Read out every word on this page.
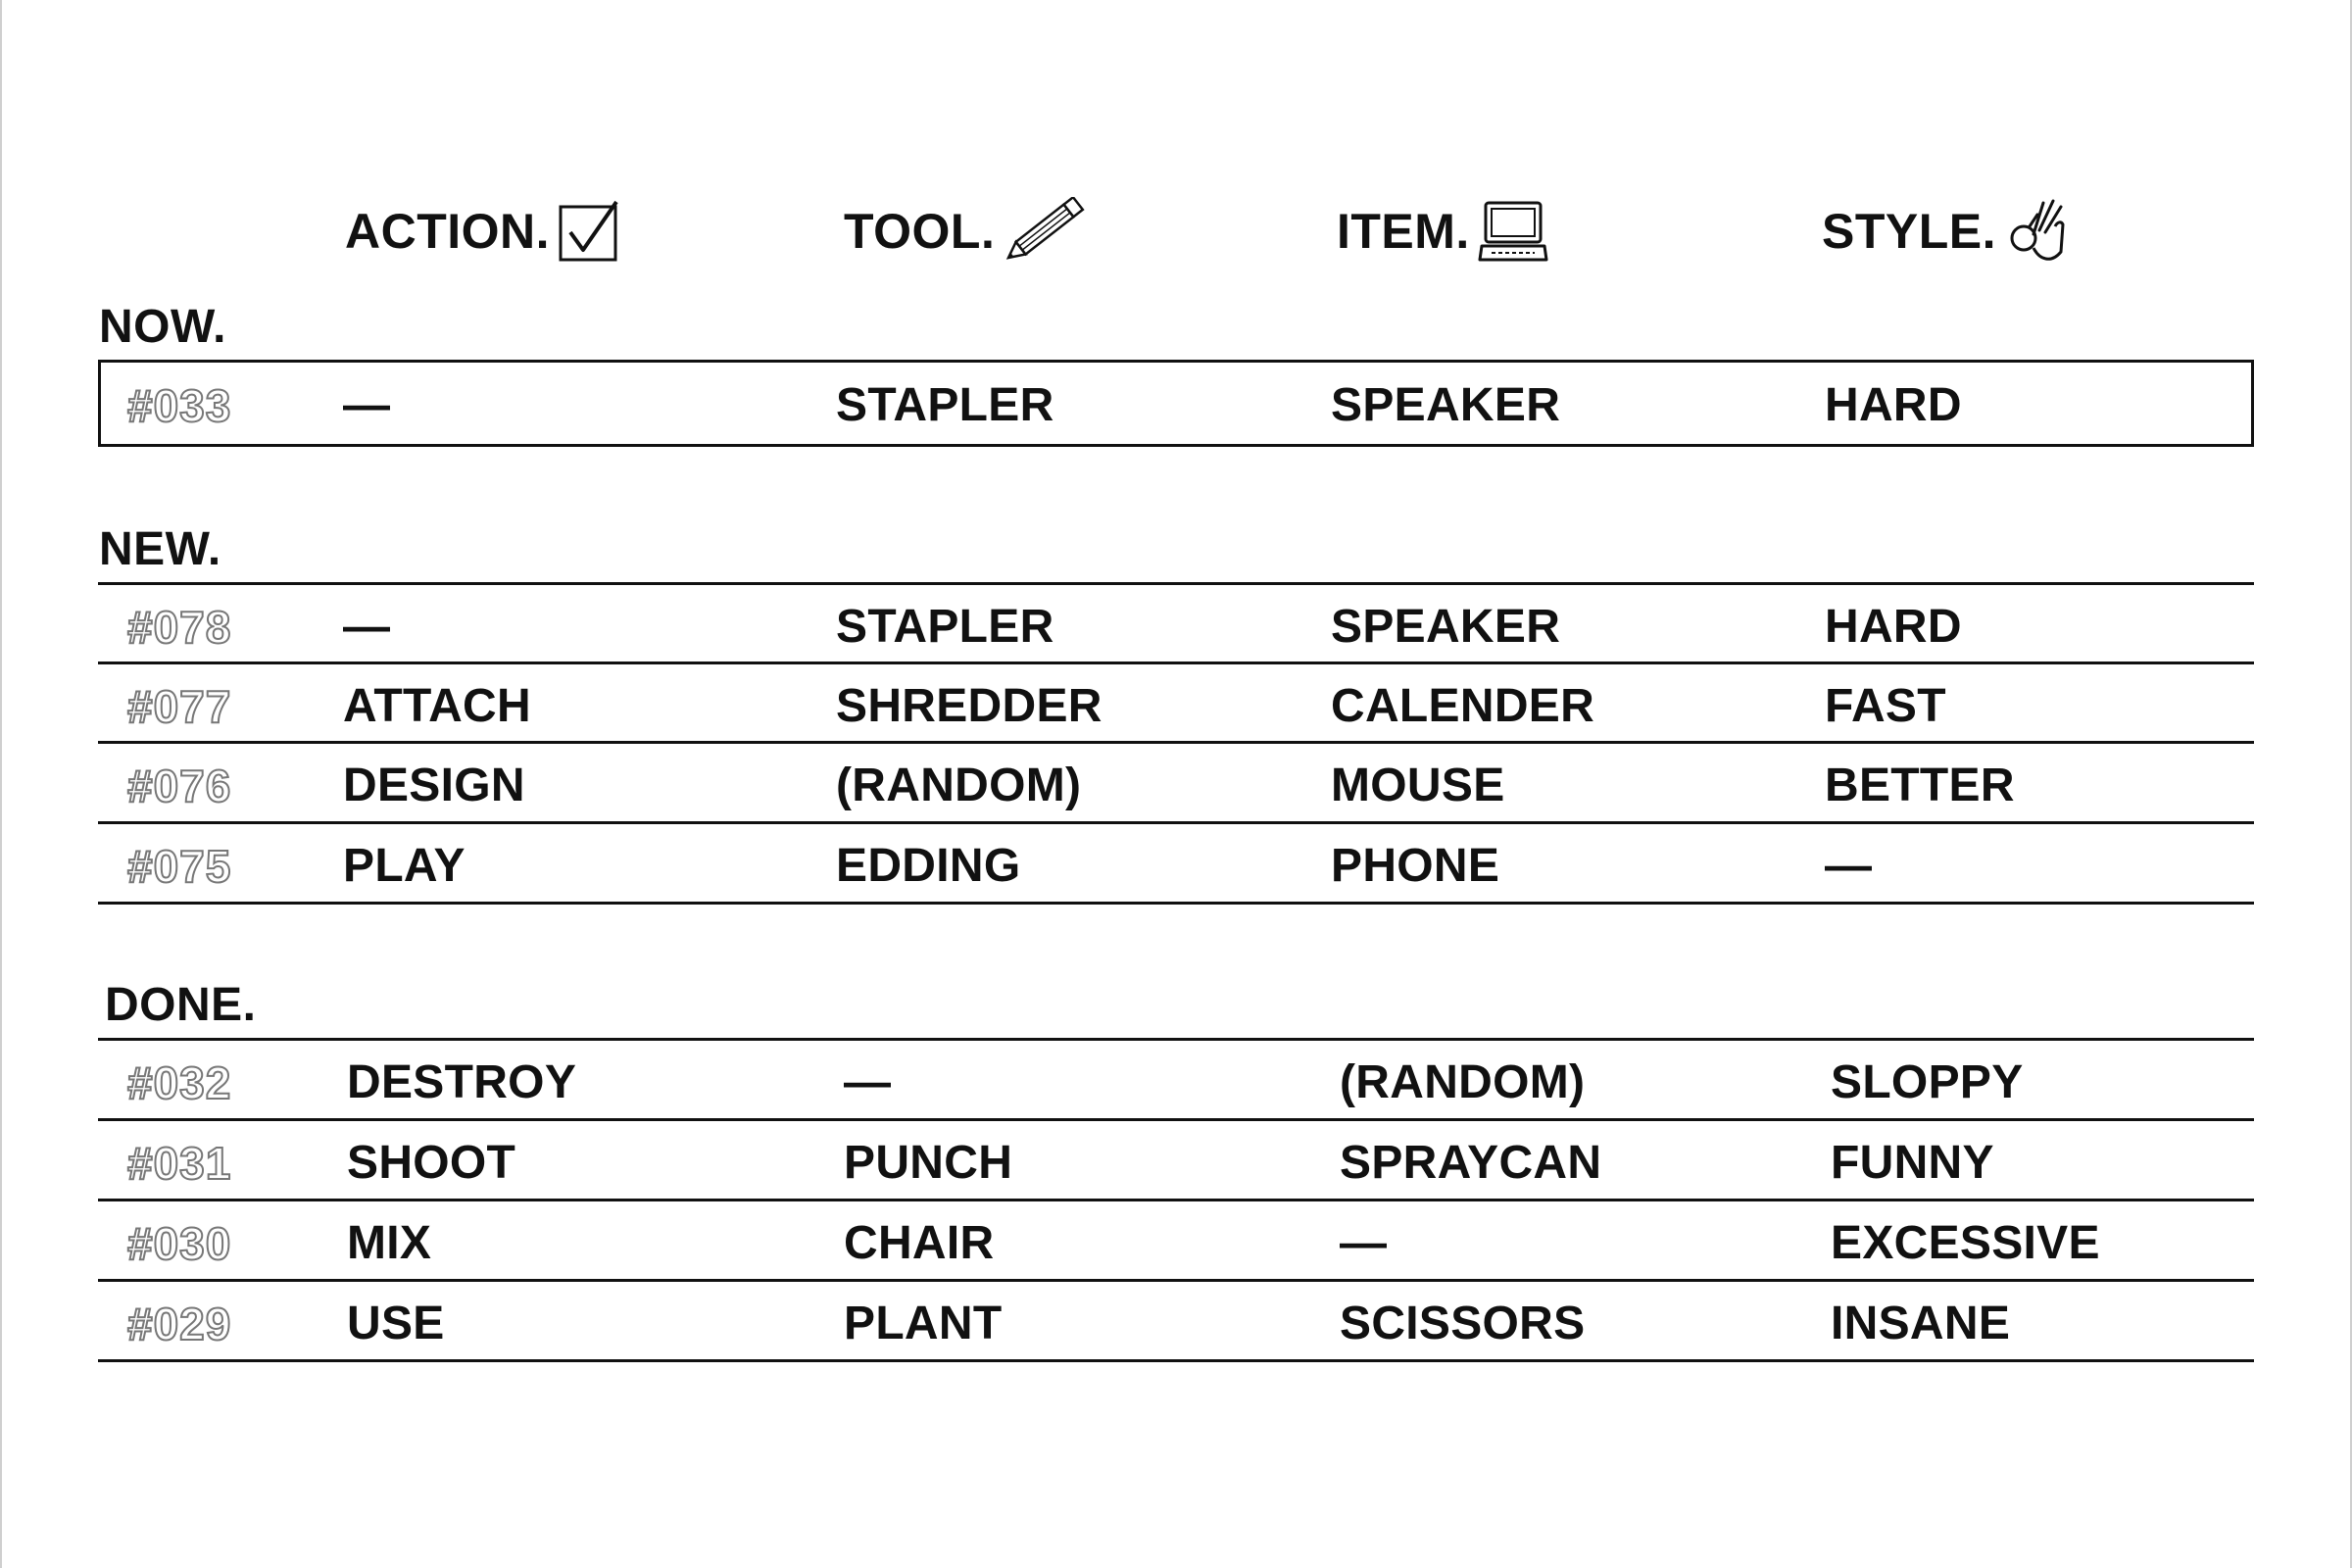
ACTION.	TOOL.	ITEM.	STYLE.
NOW.
#033 —	STAPLER	SPEAKER	HARD
NEW.
#078 —	STAPLER	SPEAKER	HARD
#077 ATTACH	SHREDDER	CALENDER	FAST
#076 DESIGN	(RANDOM)	MOUSE	BETTER
#075 PLAY	EDDING	PHONE	—
DONE.
#032 DESTROY	—	(RANDOM)	SLOPPY
#031 SHOOT	PUNCH	SPRAYCAN	FUNNY
#030 MIX	CHAIR	—	EXCESSIVE
#029 USE	PLANT	SCISSORS	INSANE
